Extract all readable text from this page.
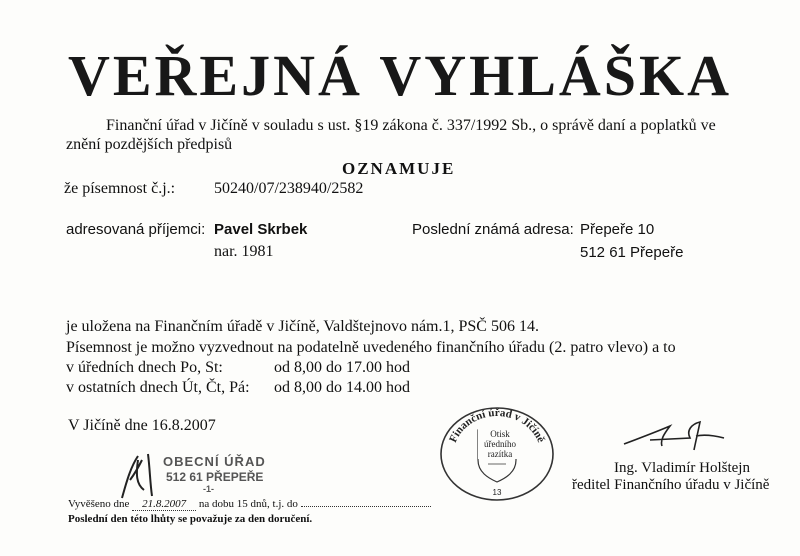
VEŘEJNÁ VYHLÁŠKA
Finanční úřad v Jičíně v souladu s ust. §19 zákona č. 337/1992 Sb., o správě daní a poplatků ve
znění pozdějších předpisů
OZNAMUJE
že písemnost č.j.: 50240/07/238940/2582
adresovaná příjemci: Pavel Skrbek
nar. 1981
Poslední známá adresa: Přepeře 10
512 61 Přepeře
je uložena na Finančním úřadě v Jičíně, Valdštejnovo nám.1, PSČ 506 14.
Písemnost je možno vyzvednout na podatelně uvedeného finančního úřadu (2. patro vlevo) a to
v úředních dnech Po, St:	od 8,00 do 17.00 hod
v ostatních dnech Út, Čt, Pá: od 8,00 do 14.00 hod
V Jičíně dne 16.8.2007
OBECNÍ ÚŘAD
512 61 PŘEPEŘE
-1-
Vyvěšeno dne 21.8.2007 na dobu 15 dnů, t.j. do
Poslední den této lhůty se považuje za den doručení.
Finanční úřad v Jičíně
13
Otisk úředního razítka
Ing. Vladimír Holštejn
ředitel Finančního úřadu v Jičíně
